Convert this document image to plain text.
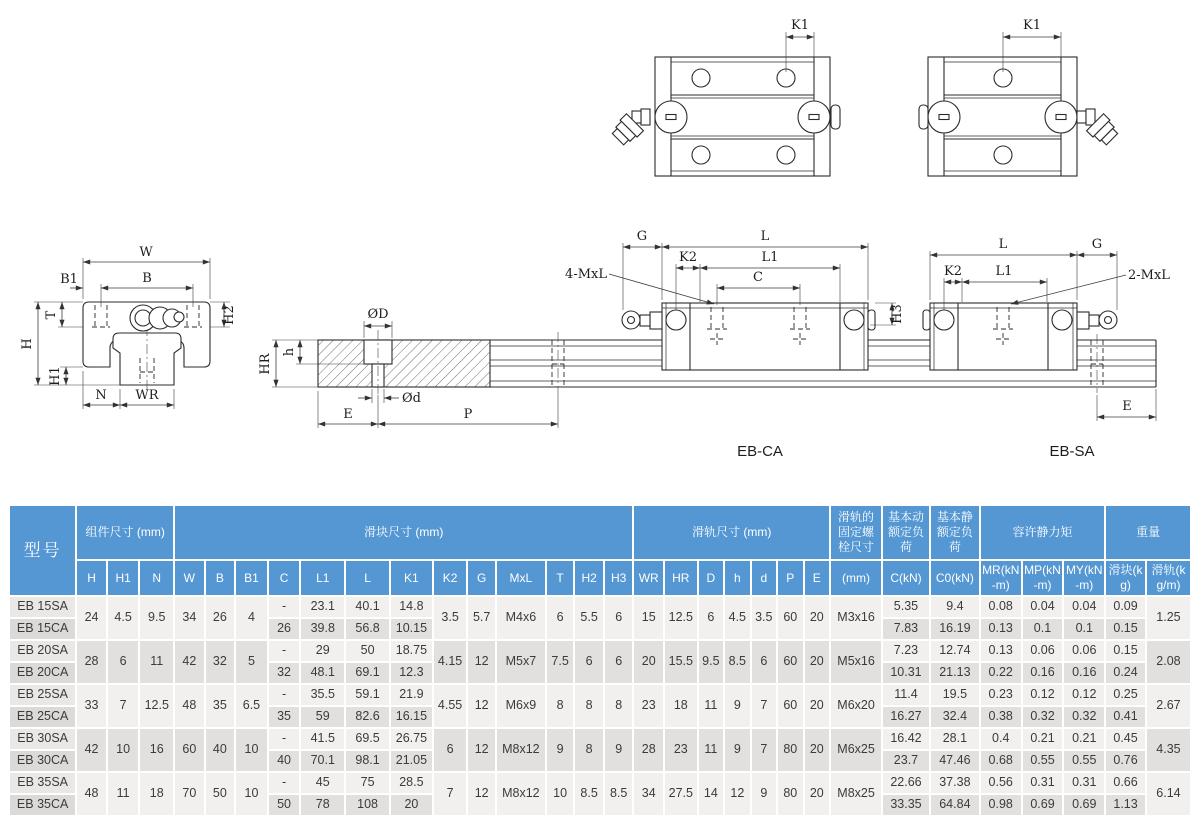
ØD
Ød
h
HR
E	P
K1	K1
W
B
B1
T
H
H1
H2
N WR
G	L
K2	L1
C
4-MxL
H3
EB-CA
L	G
K2	L1	2-MxL
E
EB-SA
型号	组件尺寸 (mm)			滑块尺寸 (mm)													滑轨尺寸 (mm)							滑轨的固定螺栓尺寸	基本动额定负荷	基本静额定负荷	容许静力矩			重量	
	H	H1	N	W	B	B1	C	L1	L	K1	K2	G	MxL	T	H2	H3	WR	HR	D	h	d	P	E	(mm)	C(kN)	C0(kN)	MR(kN-m)	MP(kN-m)	MY(kN-m)	滑块(kg)	滑轨(kg/m)
EB 15SA	24	4.5	9.5	34	26	4	-	23.1	40.1	14.8	3.5	5.7	M4x6	6	5.5	6	15	12.5	6	4.5	3.5	60	20	M3x16	5.35	9.4	0.08	0.04	0.04	0.09	1.25
EB 15CA							26	39.8	56.8	10.15															7.83	16.19	0.13	0.1	0.1	0.15	
EB 20SA	28	6	11	42	32	5	-	29	50	18.75	4.15	12	M5x7	7.5	6	6	20	15.5	9.5	8.5	6	60	20	M5x16	7.23	12.74	0.13	0.06	0.06	0.15	2.08
EB 20CA							32	48.1	69.1	12.3															10.31	21.13	0.22	0.16	0.16	0.24	
EB 25SA	33	7	12.5	48	35	6.5	-	35.5	59.1	21.9	4.55	12	M6x9	8	8	8	23	18	11	9	7	60	20	M6x20	11.4	19.5	0.23	0.12	0.12	0.25	2.67
EB 25CA							35	59	82.6	16.15															16.27	32.4	0.38	0.32	0.32	0.41	
EB 30SA	42	10	16	60	40	10	-	41.5	69.5	26.75	6	12	M8x12	9	8	9	28	23	11	9	7	80	20	M6x25	16.42	28.1	0.4	0.21	0.21	0.45	4.35
EB 30CA							40	70.1	98.1	21.05															23.7	47.46	0.68	0.55	0.55	0.76	
EB 35SA	48	11	18	70	50	10	-	45	75	28.5	7	12	M8x12	10	8.5	8.5	34	27.5	14	12	9	80	20	M8x25	22.66	37.38	0.56	0.31	0.31	0.66	6.14
EB 35CA							50	78	108	20															33.35	64.84	0.98	0.69	0.69	1.13	
